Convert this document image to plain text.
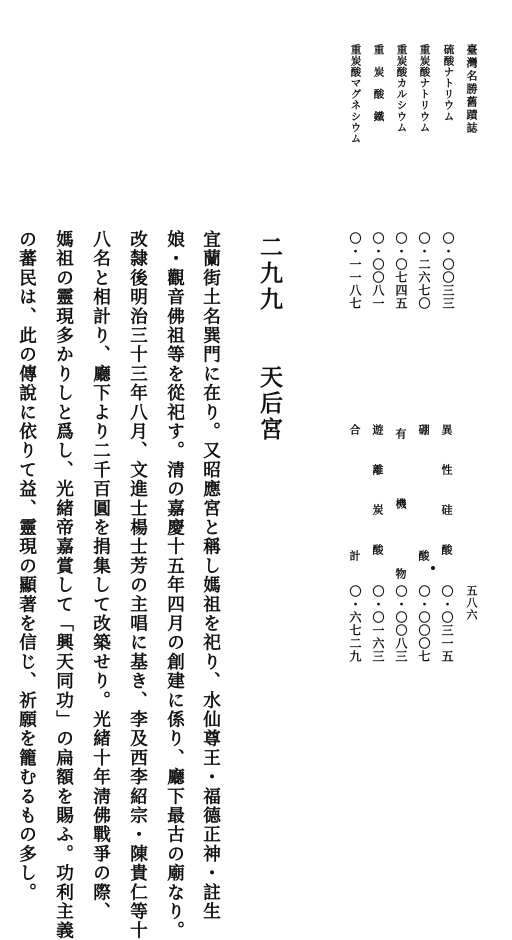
臺灣名勝舊蹟誌
硫酸ナトリウム
重炭酸ナトリウム
重炭酸カルシウム
重　炭　酸　鐵
重炭酸マグネシウム
〇・〇〇三三
〇・二六七〇
〇・〇七四五
〇・〇〇八一
〇・一一八七
異　性　硅　酸
硼　　　　　酸
有　機　物
遊　離　炭　酸
合　　　　　計
五八六
〇・〇三一五
〇・〇〇〇七
〇・〇〇八三
〇・〇一六三
〇・六七二九
二九九　　天后宮
宜蘭街土名巽門に在り。又昭應宮と稱し媽祖を祀り、水仙尊王・福德正神・註生
娘・觀音佛祖等を從祀す。清の嘉慶十五年四月の創建に係り、廳下最古の廟なり。
改隸後明治三十三年八月、文進士楊士芳の主唱に基き、李及西李紹宗・陳貴仁等十
八名と相計り、廳下より二千百圓を捐集して改築せり。光緒十年淸佛戰爭の際、
媽祖の靈現多かりしと爲し、光緒帝嘉賞して「興天同功」の扁額を賜ふ。功利主義
の蕃民は、此の傳說に依りて益、靈現の顯著を信じ、祈願を籠むるもの多し。
